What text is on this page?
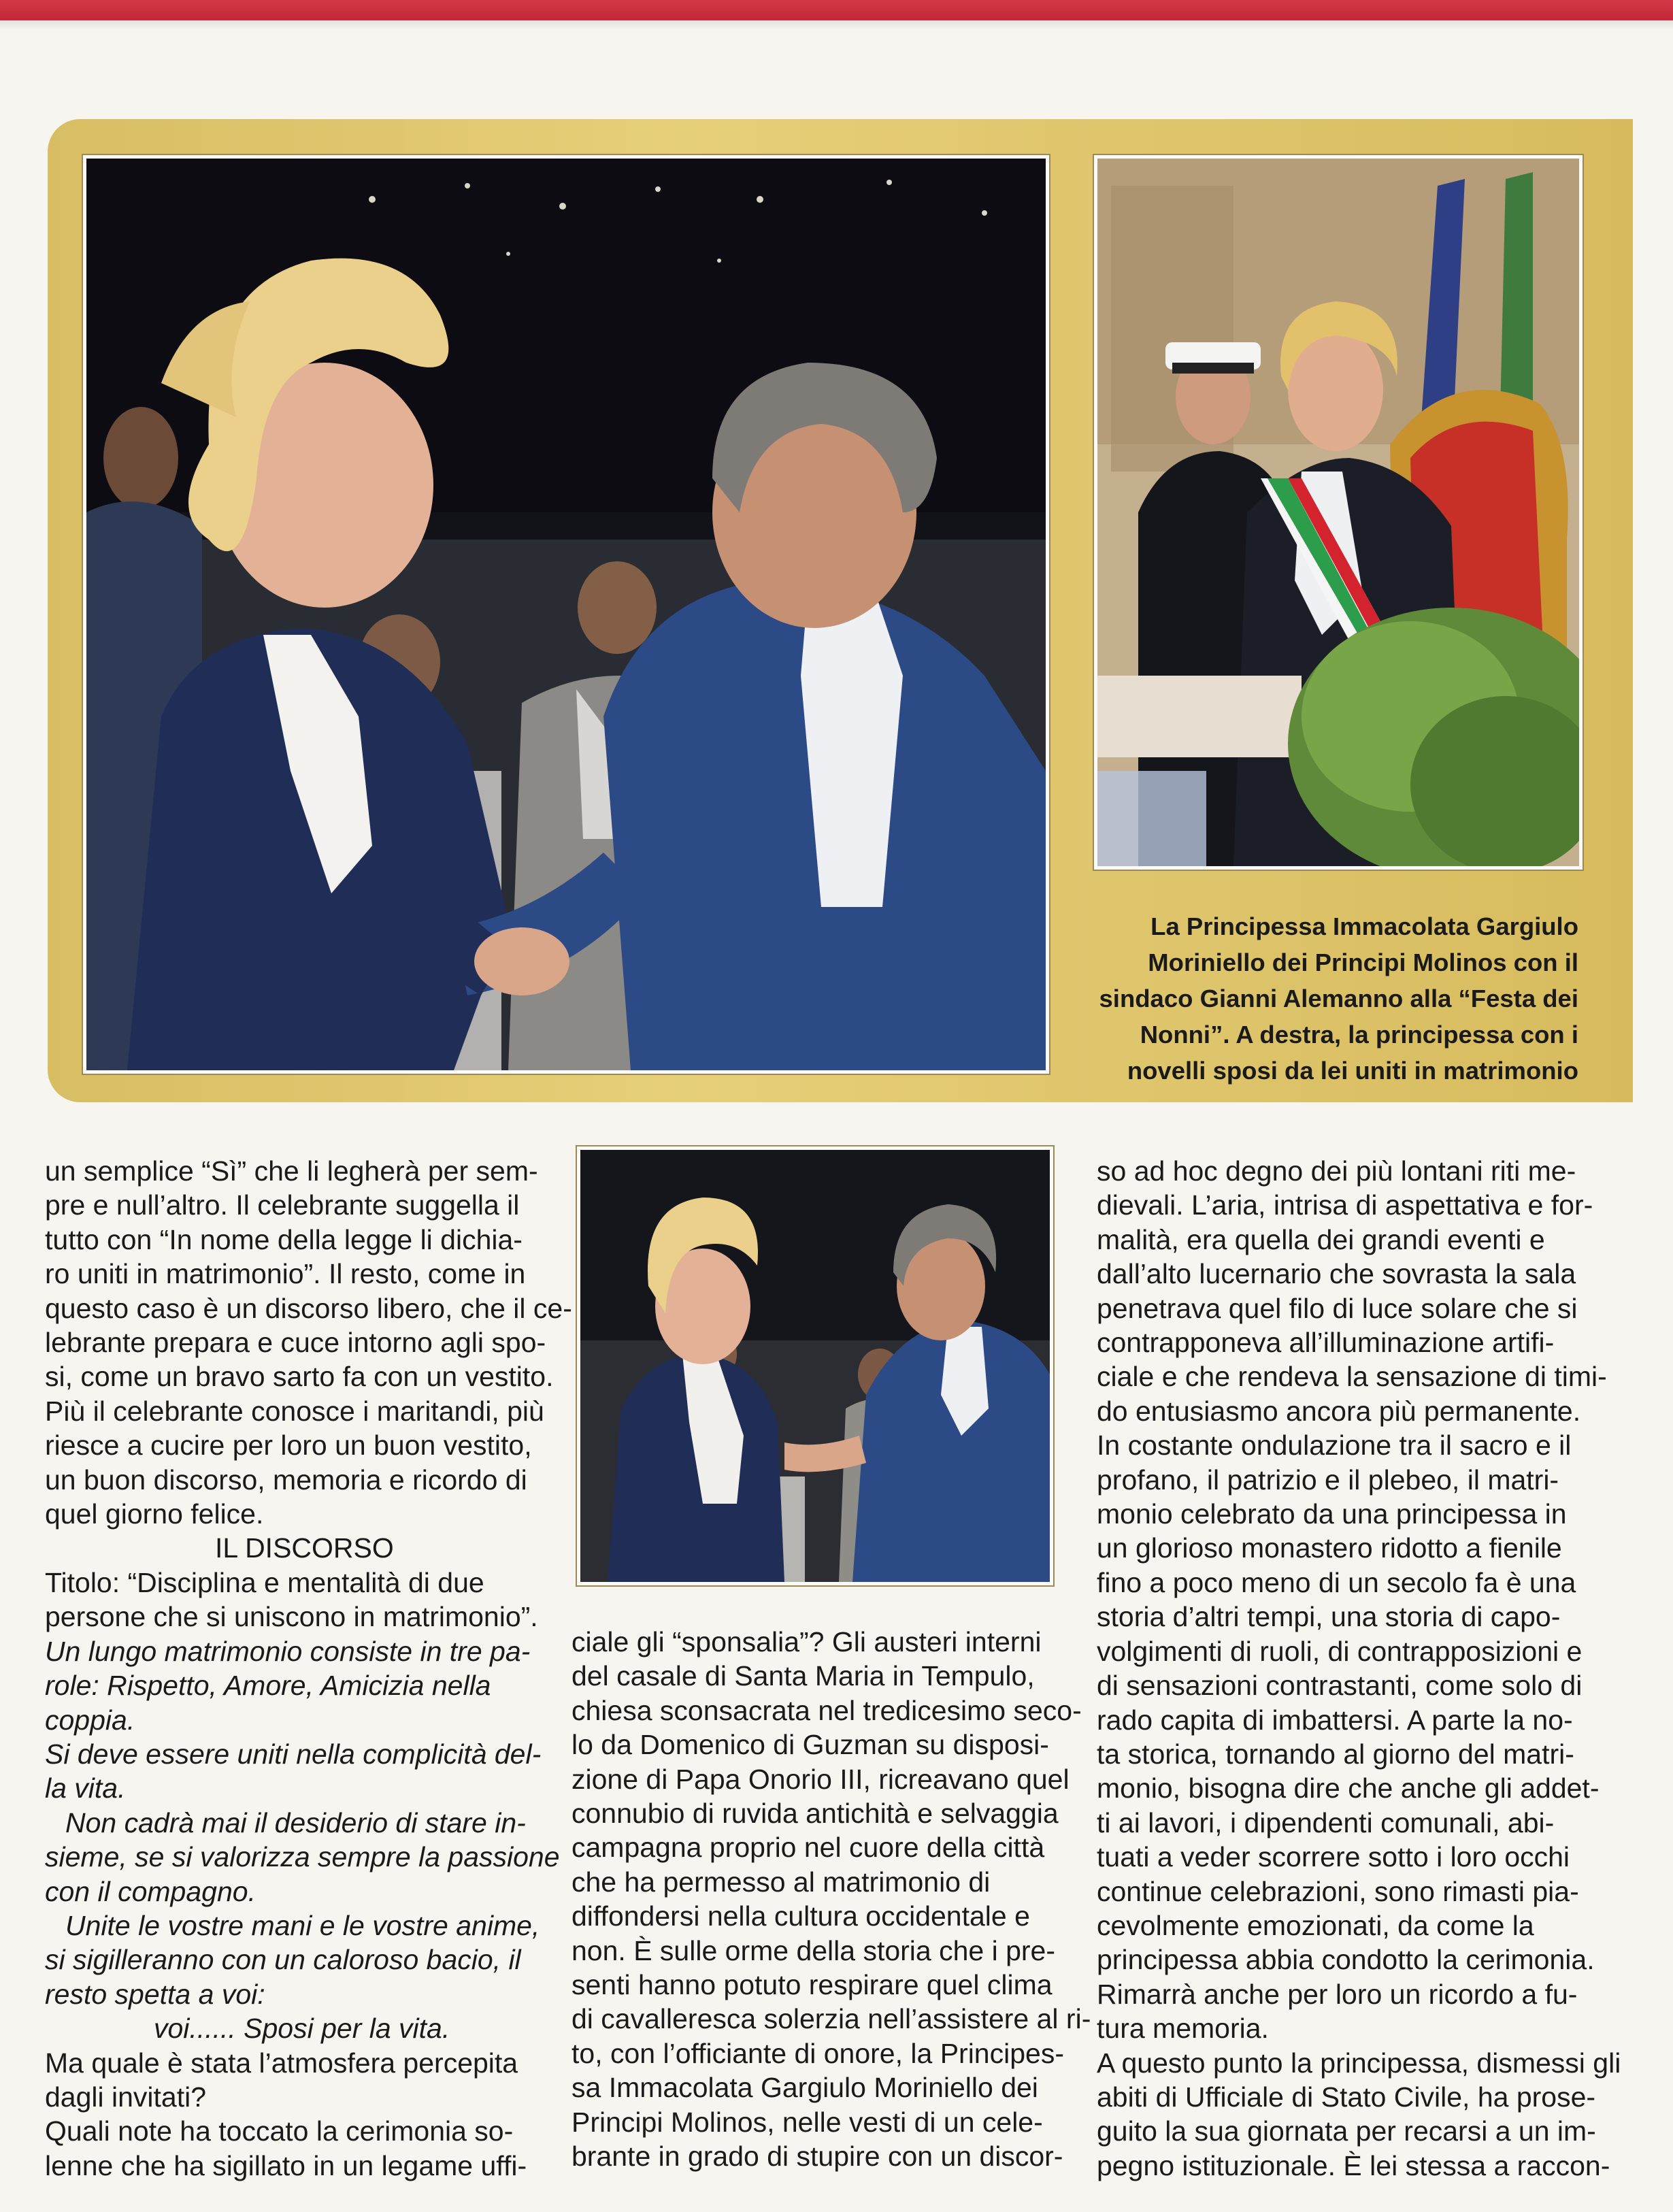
La Principessa Immacolata Gargiulo

Moriniello dei Principi Molinos con il

sindaco Gianni Alemanno alla “Festa dei

Nonni”. A destra, la principessa con i

novelli sposi da lei uniti in matrimonio

un semplice “Sì” che li legherà per sem-

pre e null’altro. Il celebrante suggella il

tutto con “In nome della legge li dichia-

ro uniti in matrimonio”. Il resto, come in

questo caso è un discorso libero, che il ce-

lebrante prepara e cuce intorno agli spo-

si, come un bravo sarto fa con un vestito.

Più il celebrante conosce i maritandi, più

riesce a cucire per loro un buon vestito,

un buon discorso, memoria e ricordo di

quel giorno felice.

IL DISCORSO

Titolo: “Disciplina e mentalità di due

persone che si uniscono in matrimonio”.

Un lungo matrimonio consiste in tre pa-

role: Rispetto, Amore, Amicizia nella

coppia.

Si deve essere uniti nella complicità del-

la vita.

Non cadrà mai il desiderio di stare in-

sieme, se si valorizza sempre la passione

con il compagno.

Unite le vostre mani e le vostre anime,

si sigilleranno con un caloroso bacio, il

resto spetta a voi:

voi...... Sposi per la vita.

Ma quale è stata l’atmosfera percepita

dagli invitati?

Quali note ha toccato la cerimonia so-

lenne che ha sigillato in un legame uffi-

ciale gli “sponsalia”? Gli austeri interni

del casale di Santa Maria in Tempulo,

chiesa sconsacrata nel tredicesimo seco-

lo da Domenico di Guzman su disposi-

zione di Papa Onorio III, ricreavano quel

connubio di ruvida antichità e selvaggia

campagna proprio nel cuore della città

che ha permesso al matrimonio di

diffondersi nella cultura occidentale e

non. È sulle orme della storia che i pre-

senti hanno potuto respirare quel clima

di cavalleresca solerzia nell’assistere al ri-

to, con l’officiante di onore, la Principes-

sa Immacolata Gargiulo Moriniello dei

Principi Molinos, nelle vesti di un cele-

brante in grado di stupire con un discor-

so ad hoc degno dei più lontani riti me-

dievali. L’aria, intrisa di aspettativa e for-

malità, era quella dei grandi eventi e

dall’alto lucernario che sovrasta la sala

penetrava quel filo di luce solare che si

contrapponeva all’illuminazione artifi-

ciale e che rendeva la sensazione di timi-

do entusiasmo ancora più permanente.

In costante ondulazione tra il sacro e il

profano, il patrizio e il plebeo, il matri-

monio celebrato da una principessa in

un glorioso monastero ridotto a fienile

fino a poco meno di un secolo fa è una

storia d’altri tempi, una storia di capo-

volgimenti di ruoli, di contrapposizioni e

di sensazioni contrastanti, come solo di

rado capita di imbattersi. A parte la no-

ta storica, tornando al giorno del matri-

monio, bisogna dire che anche gli addet-

ti ai lavori, i dipendenti comunali, abi-

tuati a veder scorrere sotto i loro occhi

continue celebrazioni, sono rimasti pia-

cevolmente emozionati, da come la

principessa abbia condotto la cerimonia.

Rimarrà anche per loro un ricordo a fu-

tura memoria.

A questo punto la principessa, dismessi gli

abiti di Ufficiale di Stato Civile, ha prose-

guito la sua giornata per recarsi a un im-

pegno istituzionale. È lei stessa a raccon-
